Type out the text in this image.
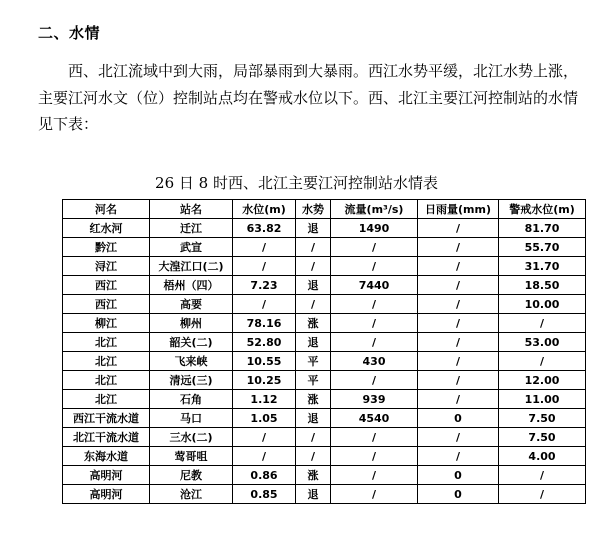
二、水情
西、北江流域中到大雨，局部暴雨到大暴雨。西江水势平缓，北江水势上涨，主要江河水文（位）控制站点均在警戒水位以下。西、北江主要江河控制站的水情见下表：
26 日 8 时西、北江主要江河控制站水情表
河名	站名	水位(m)	水势	流量(m³/s)	日雨量(mm)	警戒水位(m)
红水河	迁江	63.82	退	1490	/	81.70
黔江	武宣	/	/	/	/	55.70
浔江	大湟江口(二)	/	/	/	/	31.70
西江	梧州（四）	7.23	退	7440	/	18.50
西江	高要	/	/	/	/	10.00
柳江	柳州	78.16	涨	/	/	/
北江	韶关(二)	52.80	退	/	/	53.00
北江	飞来峡	10.55	平	430	/	/
北江	清远(三)	10.25	平	/	/	12.00
北江	石角	1.12	涨	939	/	11.00
西江干流水道	马口	1.05	退	4540	0	7.50
北江干流水道	三水(二)	/	/	/	/	7.50
东海水道	莺哥咀	/	/	/	/	4.00
高明河	尼教	0.86	涨	/	0	/
高明河	沧江	0.85	退	/	0	/
